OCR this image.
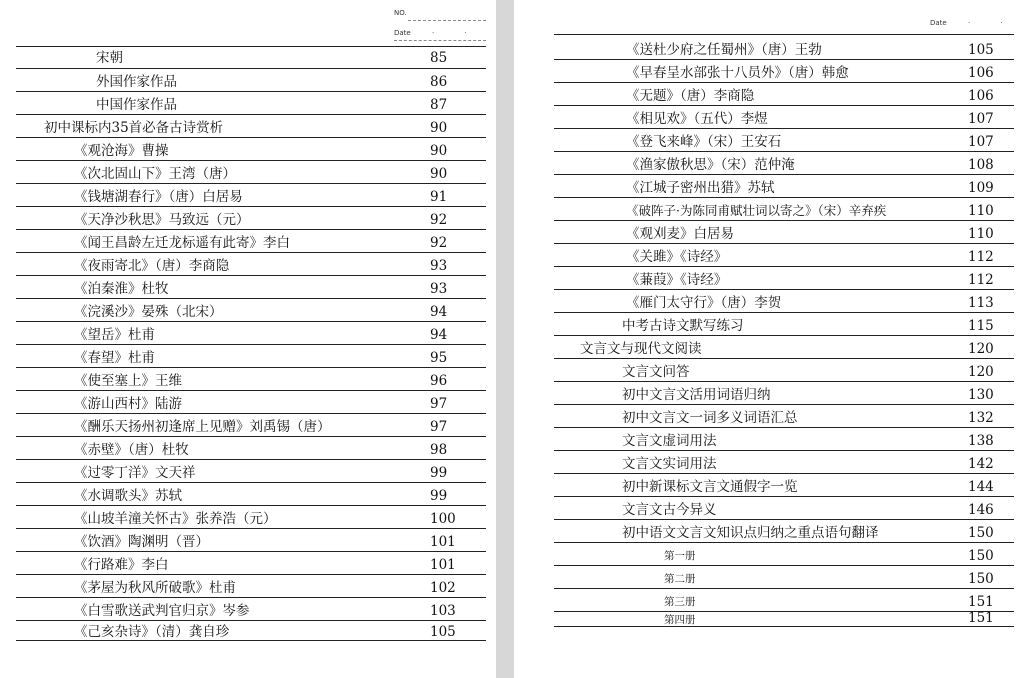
NO.
Date	· ·
宋朝	85
外国作家作品	86
中国作家作品	87
初中课标内35首必备古诗赏析	90
《观沧海》曹操	90
《次北固山下》王湾（唐）	90
《钱塘湖春行》（唐）白居易	91
《天净沙秋思》马致远（元）	92
《闻王昌龄左迁龙标遥有此寄》李白	92
《夜雨寄北》（唐）李商隐	93
《泊秦淮》杜牧	93
《浣溪沙》晏殊（北宋）	94
《望岳》杜甫	94
《春望》杜甫	95
《使至塞上》王维	96
《游山西村》陆游	97
《酬乐天扬州初逢席上见赠》刘禹锡（唐）	97
《赤壁》（唐）杜牧	98
《过零丁洋》文天祥	99
《水调歌头》苏轼	99
《山坡羊潼关怀古》张养浩（元）	100
《饮酒》陶渊明（晋）	101
《行路难》李白	101
《茅屋为秋风所破歌》杜甫	102
《白雪歌送武判官归京》岑参	103
《己亥杂诗》（清）龚自珍	105
Date	· ·
《送杜少府之任蜀州》（唐）王勃	105
《早春呈水部张十八员外》（唐）韩愈	106
《无题》（唐）李商隐	106
《相见欢》（五代）李煜	107
《登飞来峰》（宋）王安石	107
《渔家傲秋思》（宋）范仲淹	108
《江城子密州出猎》苏轼	109
《破阵子·为陈同甫赋壮词以寄之》（宋）辛弃疾	110
《观刈麦》白居易	110
《关雎》《诗经》	112
《蒹葭》《诗经》	112
《雁门太守行》（唐）李贺	113
中考古诗文默写练习	115
文言文与现代文阅读	120
文言文问答	120
初中文言文活用词语归纳	130
初中文言文一词多义词语汇总	132
文言文虚词用法	138
文言文实词用法	142
初中新课标文言文通假字一览	144
文言文古今异义	146
初中语文文言文知识点归纳之重点语句翻译	150
第一册	150
第二册	150
第三册	151
第四册	151
